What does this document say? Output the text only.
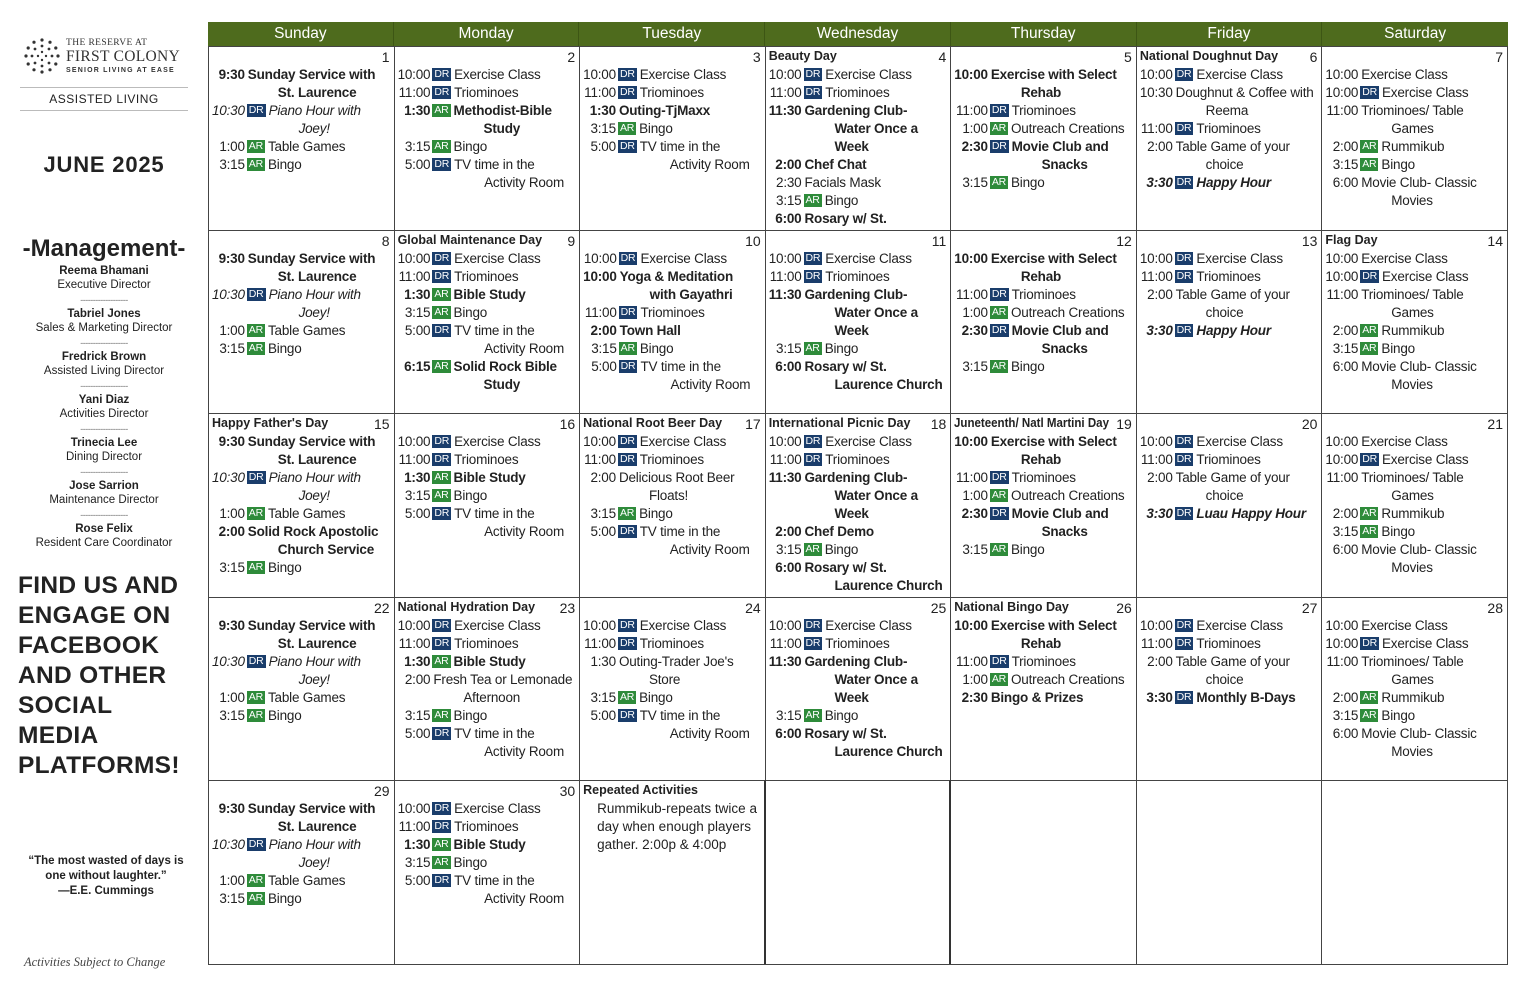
THE RESERVE AT
FIRST COLONY
SENIOR LIVING AT EASE
ASSISTED LIVING
JUNE 2025
-Management-
Reema Bhamani
Executive Director
-------------------
Tabriel Jones
Sales & Marketing Director
-------------------
Fredrick Brown
Assisted Living Director
-------------------
Yani Diaz
Activities Director
-------------------
Trinecia Lee
Dining Director
-------------------
Jose Sarrion
Maintenance Director
-------------------
Rose Felix
Resident Care Coordinator
FIND US AND
ENGAGE ON
FACEBOOK
AND OTHER
SOCIAL
MEDIA
PLATFORMS!
“The most wasted of days is
one without laughter.”
—E.E. Cummings
Activities Subject to Change
Sunday	Monday	Tuesday	Wednesday	Thursday	Friday	Saturday
1
9:30 Sunday Service with St. Laurence
10:30 DR Piano Hour with Joey!
1:00 AR Table Games
3:15 AR Bingo
2
10:00 DR Exercise Class
11:00 DR Triominoes
1:30 AR Methodist-Bible Study
3:15 AR Bingo
5:00 DR TV time in the Activity Room
3
10:00 DR Exercise Class
11:00 DR Triominoes
1:30 Outing-TjMaxx
3:15 AR Bingo
5:00 DR TV time in the Activity Room
Beauty Day	4
10:00 DR Exercise Class
11:00 DR Triominoes
11:30 Gardening Club- Water Once a Week
2:00 Chef Chat
2:30 Facials Mask
3:15 AR Bingo
6:00 Rosary w/ St.
5
10:00 Exercise with Select Rehab
11:00 DR Triominoes
1:00 AR Outreach Creations
2:30 DR Movie Club and Snacks
3:15 AR Bingo
National Doughnut Day 6
10:00 DR Exercise Class
10:30 Doughnut & Coffee with Reema
11:00 DR Triominoes
2:00 Table Game of your choice
3:30 DR Happy Hour
7
10:00 Exercise Class
10:00 DR Exercise Class
11:00 Triominoes/ Table Games
2:00 AR Rummikub
3:15 AR Bingo
6:00 Movie Club- Classic Movies
8
9:30 Sunday Service with St. Laurence
10:30 DR Piano Hour with Joey!
1:00 AR Table Games
3:15 AR Bingo
Global Maintenance Day 9
10:00 DR Exercise Class
11:00 DR Triominoes
1:30 AR Bible Study
3:15 AR Bingo
5:00 DR TV time in the Activity Room
6:15 AR Solid Rock Bible Study
10
10:00 DR Exercise Class
10:00 Yoga & Meditation with Gayathri
11:00 DR Triominoes
2:00 Town Hall
3:15 AR Bingo
5:00 DR TV time in the Activity Room
11
10:00 DR Exercise Class
11:00 DR Triominoes
11:30 Gardening Club- Water Once a Week
3:15 AR Bingo
6:00 Rosary w/ St. Laurence Church
12
10:00 Exercise with Select Rehab
11:00 DR Triominoes
1:00 AR Outreach Creations
2:30 DR Movie Club and Snacks
3:15 AR Bingo
13
10:00 DR Exercise Class
11:00 DR Triominoes
2:00 Table Game of your choice
3:30 DR Happy Hour
Flag Day	14
10:00 Exercise Class
10:00 DR Exercise Class
11:00 Triominoes/ Table Games
2:00 AR Rummikub
3:15 AR Bingo
6:00 Movie Club- Classic Movies
Happy Father's Day	15
9:30 Sunday Service with St. Laurence
10:30 DR Piano Hour with Joey!
1:00 AR Table Games
2:00 Solid Rock Apostolic Church Service
3:15 AR Bingo
16
10:00 DR Exercise Class
11:00 DR Triominoes
1:30 AR Bible Study
3:15 AR Bingo
5:00 DR TV time in the Activity Room
National Root Beer Day 17
10:00 DR Exercise Class
11:00 DR Triominoes
2:00 Delicious Root Beer Floats!
3:15 AR Bingo
5:00 DR TV time in the Activity Room
International Picnic Day 18
10:00 DR Exercise Class
11:00 DR Triominoes
11:30 Gardening Club- Water Once a Week
2:00 Chef Demo
3:15 AR Bingo
6:00 Rosary w/ St. Laurence Church
Juneteenth/ Natl Martini Day 19
10:00 Exercise with Select Rehab
11:00 DR Triominoes
1:00 AR Outreach Creations
2:30 DR Movie Club and Snacks
3:15 AR Bingo
20
10:00 DR Exercise Class
11:00 DR Triominoes
2:00 Table Game of your choice
3:30 DR Luau Happy Hour
21
10:00 Exercise Class
10:00 DR Exercise Class
11:00 Triominoes/ Table Games
2:00 AR Rummikub
3:15 AR Bingo
6:00 Movie Club- Classic Movies
22
9:30 Sunday Service with St. Laurence
10:30 DR Piano Hour with Joey!
1:00 AR Table Games
3:15 AR Bingo
National Hydration Day 23
10:00 DR Exercise Class
11:00 DR Triominoes
1:30 AR Bible Study
2:00 Fresh Tea or Lemonade Afternoon
3:15 AR Bingo
5:00 DR TV time in the Activity Room
24
10:00 DR Exercise Class
11:00 DR Triominoes
1:30 Outing-Trader Joe's Store
3:15 AR Bingo
5:00 DR TV time in the Activity Room
25
10:00 DR Exercise Class
11:00 DR Triominoes
11:30 Gardening Club- Water Once a Week
3:15 AR Bingo
6:00 Rosary w/ St. Laurence Church
National Bingo Day	26
10:00 Exercise with Select Rehab
11:00 DR Triominoes
1:00 AR Outreach Creations
2:30 Bingo & Prizes
27
10:00 DR Exercise Class
11:00 DR Triominoes
2:00 Table Game of your choice
3:30 DR Monthly B-Days
28
10:00 Exercise Class
10:00 DR Exercise Class
11:00 Triominoes/ Table Games
2:00 AR Rummikub
3:15 AR Bingo
6:00 Movie Club- Classic Movies
29
9:30 Sunday Service with St. Laurence
10:30 DR Piano Hour with Joey!
1:00 AR Table Games
3:15 AR Bingo
30
10:00 DR Exercise Class
11:00 DR Triominoes
1:30 AR Bible Study
3:15 AR Bingo
5:00 DR TV time in the Activity Room
Repeated Activities
Rummikub-repeats twice a day when enough players gather. 2:00p & 4:00p
